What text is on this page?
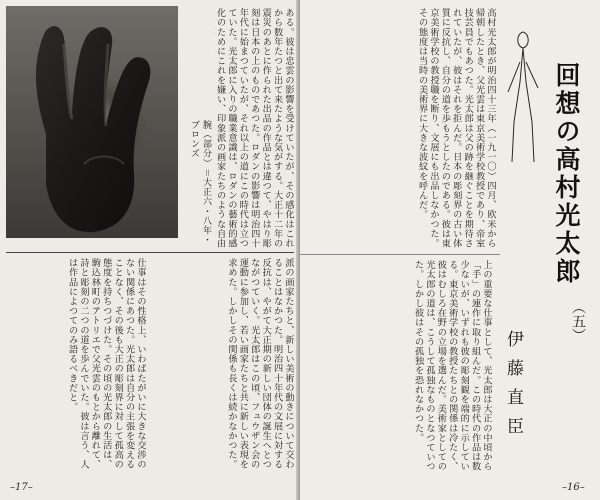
腕（部分）＝大正六・八年・ブロンズ
ある。彼は忠雲の影響を受けていたが、その感化はこれから数年たつと出て来たような気がする。大正十二年の震災のあとに作られた出品の作品とは違つて、やはり彫刻は日本の上のものであつた。ロダンの影響は明治四十年代に始まつていたが、それ以上の道にこの時代は立つていた。光太郎に入りの職業意識は、ロダンの藝術的感化のためにこれを嫌い、印象派の画家たちのような自由
派の画家たちと、新しい美術の動きについて交わることはなかつた。明治四十年代の文展に対する反抗は、やがて大正期の新しい団体の誕生へとつながつていく。光太郎はこの頃、フュウザン会の運動に参加し、若い画家たちと共に新しい表現を求めた。しかしその関係も長くは続かなかつた。
仕事はその性格上、いわばたがいに大きな交渉のない関係にあつた。光太郎は自分の主張を変えることなく、その後も大正の彫刻界に対して孤高の態度を持ちつづけた。その頃の光太郎の生活は、駒込林町のアトリエで父光雲のもとから離れて、詩と彫刻の二つの道を歩んでいた。彼は言う、人は作品によつてのみ語るべきだと。
–17–
高村光太郎が明治四十三年（一九一〇）四月、欧米から帰朝したとき、父光雲は東京美術学校教授であり、帝室技芸員でもあつた。光太郎は父の跡を継ぐことを期待されていたが、彼はそれを拒んだ。日本の彫刻界の古い体質に反抗し、自分の道を歩もうとしたのである。彼は東京美術学校の教授職を断り、文展にも出品しなかつた。その態度は当時の美術界に大きな波紋を呼んだ。
上の重要な仕事として、光太郎は大正の中頃から「手」の連作に取り組んだ。この時代の作品は数少ないが、いずれも彼の彫刻観を端的に示している。東京美術学校の教授たちとの関係は冷たく、彼はむしろ在野の立場を選んだ。美術家としての光太郎の道は、こうして孤独なものとなつていつた。しかし彼はその孤独を恐れなかつた。
–16–
回想の高村光太郎
（五）
伊藤直臣
